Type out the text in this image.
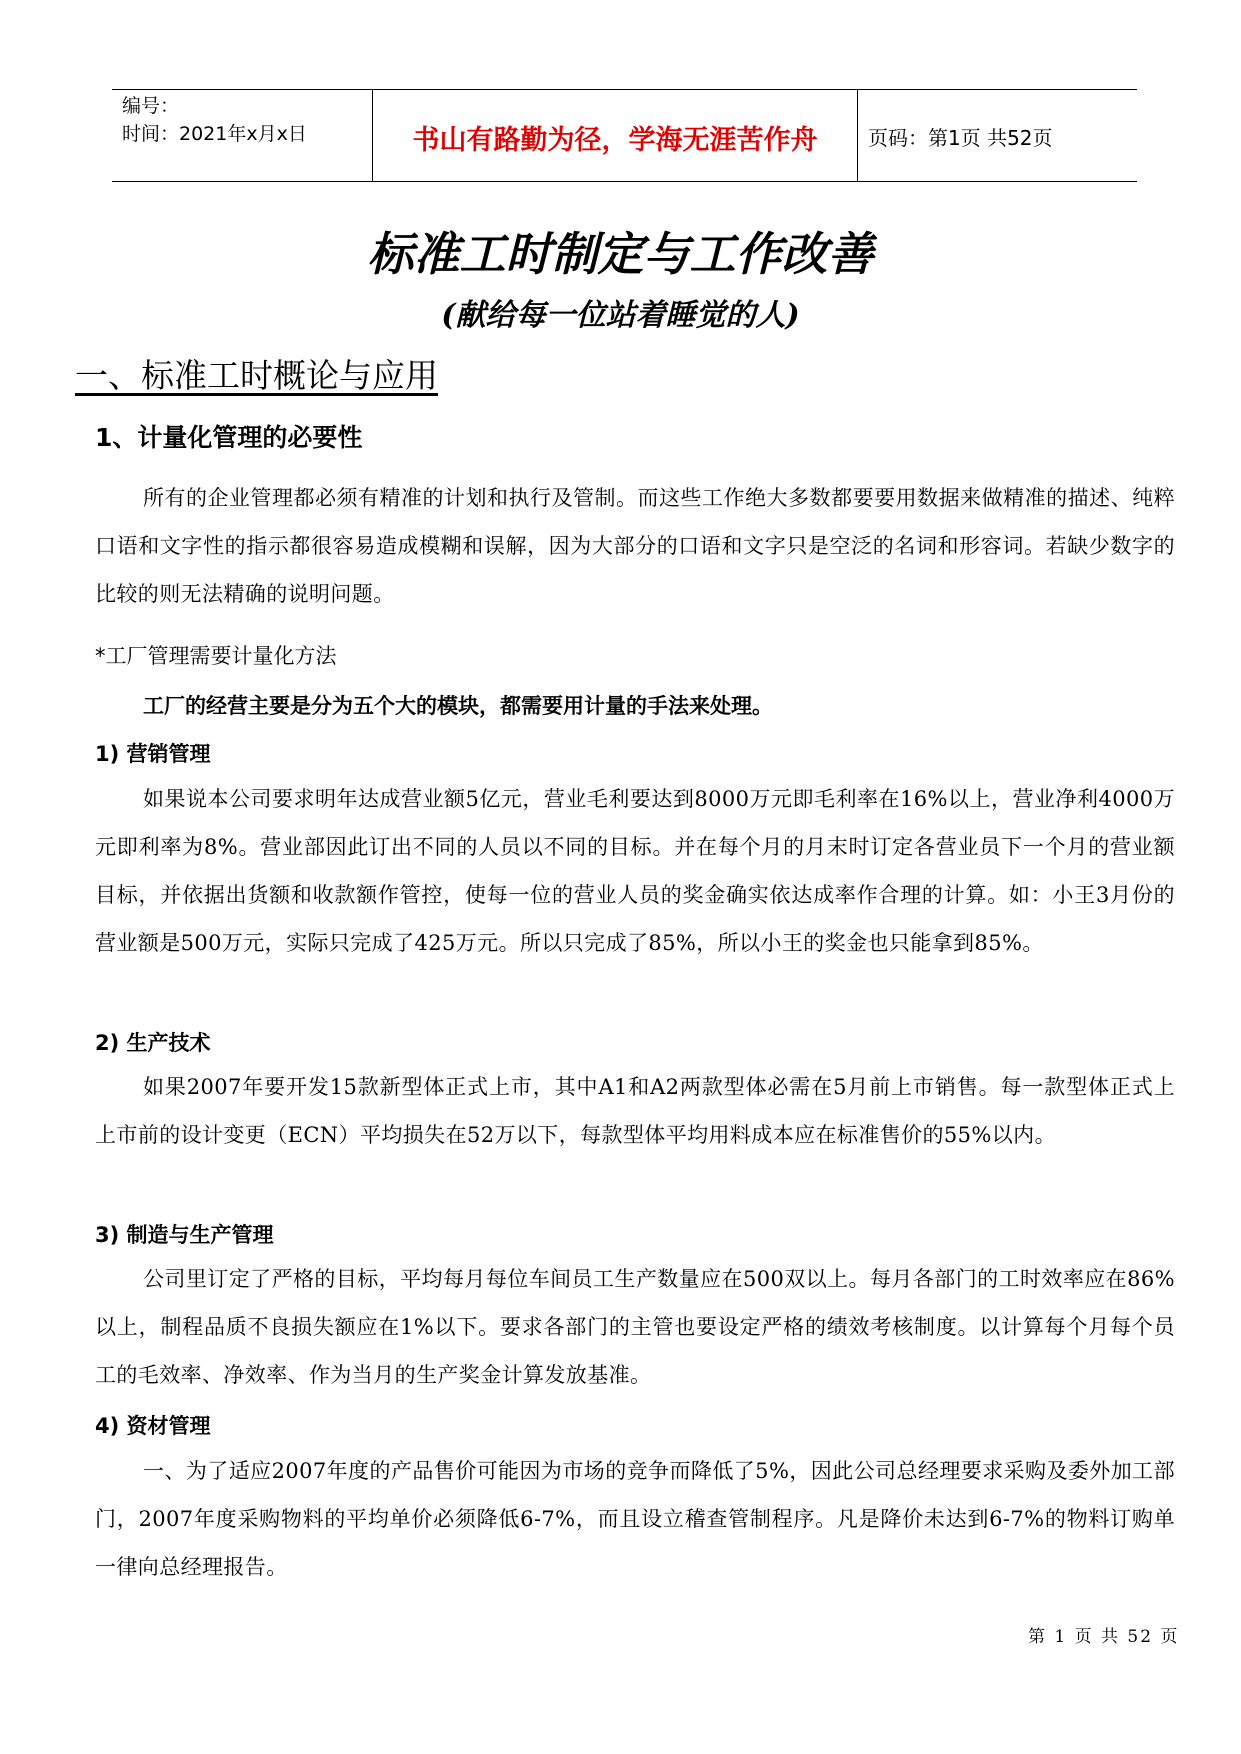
编号：
时间：2021年x月x日	书山有路勤为径，学海无涯苦作舟	页码：第1页 共52页
标准工时制定与工作改善
(献给每一位站着睡觉的人)
一、标准工时概论与应用
1、计量化管理的必要性
所有的企业管理都必须有精准的计划和执行及管制。而这些工作绝大多数都要要用数据来做精准的描述、纯粹口语和文字性的指示都很容易造成模糊和误解，因为大部分的口语和文字只是空泛的名词和形容词。若缺少数字的比较的则无法精确的说明问题。
*工厂管理需要计量化方法
工厂的经营主要是分为五个大的模块，都需要用计量的手法来处理。
1) 营销管理
如果说本公司要求明年达成营业额5亿元，营业毛利要达到8000万元即毛利率在16%以上，营业净利4000万元即利率为8%。营业部因此订出不同的人员以不同的目标。并在每个月的月末时订定各营业员下一个月的营业额目标，并依据出货额和收款额作管控，使每一位的营业人员的奖金确实依达成率作合理的计算。如：小王3月份的营业额是500万元，实际只完成了425万元。所以只完成了85%，所以小王的奖金也只能拿到85%。
2) 生产技术
如果2007年要开发15款新型体正式上市，其中A1和A2两款型体必需在5月前上市销售。每一款型体正式上上市前的设计变更（ECN）平均损失在52万以下，每款型体平均用料成本应在标准售价的55%以内。
3) 制造与生产管理
公司里订定了严格的目标，平均每月每位车间员工生产数量应在500双以上。每月各部门的工时效率应在86%以上，制程品质不良损失额应在1%以下。要求各部门的主管也要设定严格的绩效考核制度。以计算每个月每个员工的毛效率、净效率、作为当月的生产奖金计算发放基准。
4) 资材管理
一、为了适应2007年度的产品售价可能因为市场的竞争而降低了5%，因此公司总经理要求采购及委外加工部门，2007年度采购物料的平均单价必须降低6-7%，而且设立稽查管制程序。凡是降价未达到6-7%的物料订购单一律向总经理报告。
第 1 页 共 52 页
